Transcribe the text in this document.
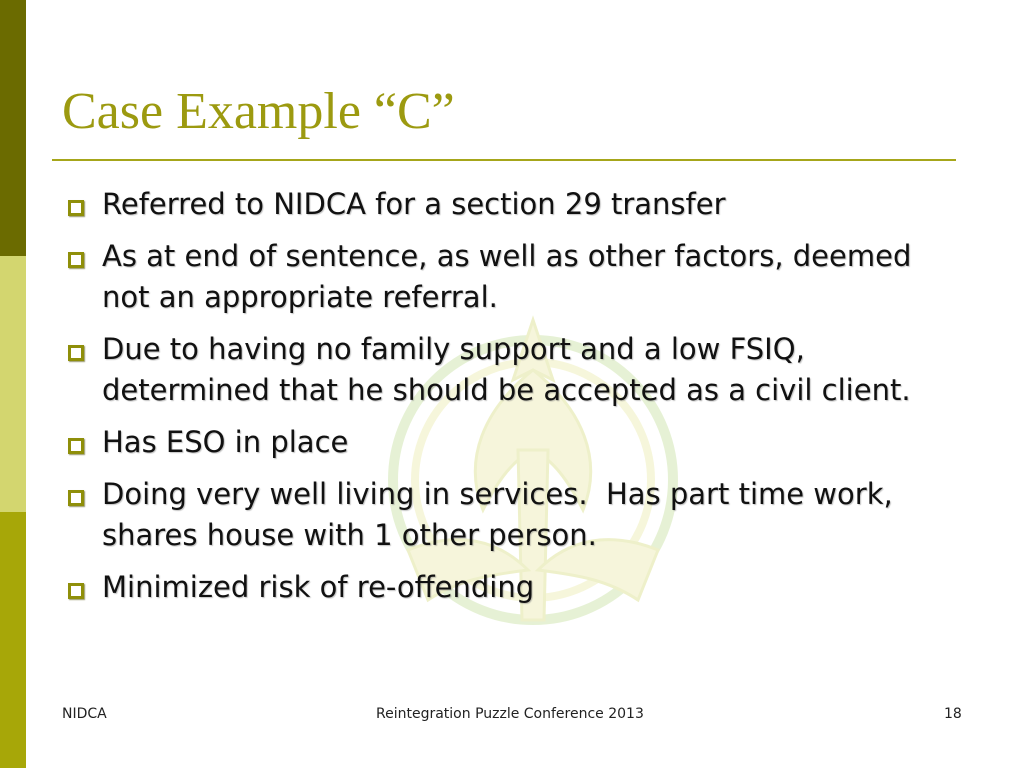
Case Example “C”
Referred to NIDCA for a section 29 transfer
As at end of sentence, as well as other factors, deemed not an appropriate referral.
Due to having no family support and a low FSIQ, determined that he should be accepted as a civil client.
Has ESO in place
Doing very well living in services.  Has part time work, shares house with 1 other person.
Minimized risk of re-offending
NIDCA	Reintegration Puzzle Conference 2013	18
